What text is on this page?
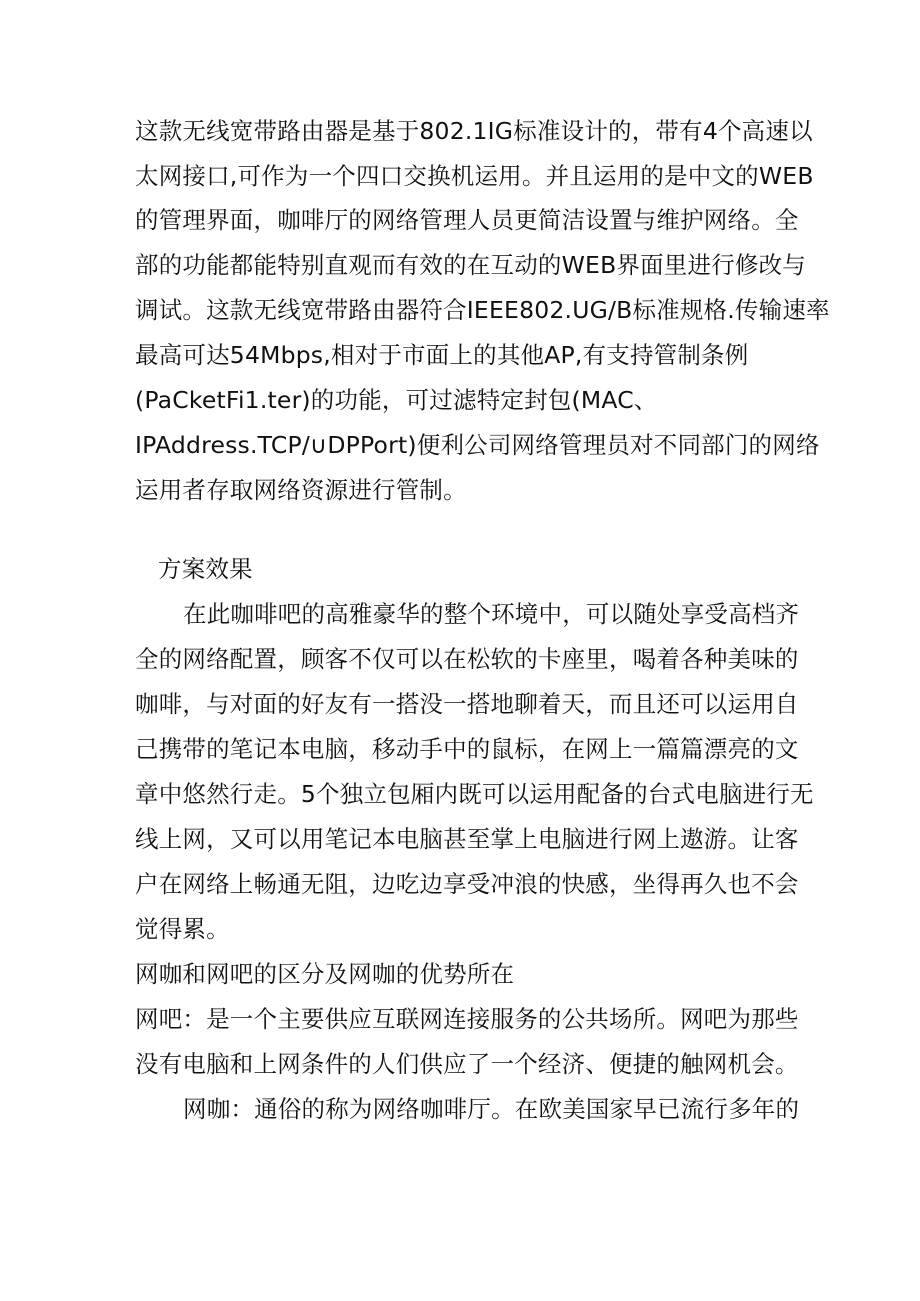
这款无线宽带路由器是基于802.1IG标准设计的，带有4个高速以
太网接口,可作为一个四口交换机运用。并且运用的是中文的WEB
的管理界面，咖啡厅的网络管理人员更简洁设置与维护网络。全
部的功能都能特别直观而有效的在互动的WEB界面里进行修改与
调试。这款无线宽带路由器符合IEEE802.UG/B标准规格.传输速率
最高可达54Mbps,相对于市面上的其他AP,有支持管制条例
(PaCketFi1.ter)的功能，可过滤特定封包(MAC、
IPAddress.TCP/∪DPPort)便利公司网络管理员对不同部门的网络
运用者存取网络资源进行管制。
方案效果
在此咖啡吧的高雅豪华的整个环境中，可以随处享受高档齐
全的网络配置，顾客不仅可以在松软的卡座里，喝着各种美味的
咖啡，与对面的好友有一搭没一搭地聊着天，而且还可以运用自
己携带的笔记本电脑，移动手中的鼠标，在网上一篇篇漂亮的文
章中悠然行走。5个独立包厢内既可以运用配备的台式电脑进行无
线上网，又可以用笔记本电脑甚至掌上电脑进行网上遨游。让客
户在网络上畅通无阻，边吃边享受冲浪的快感，坐得再久也不会
觉得累。
网咖和网吧的区分及网咖的优势所在
网吧：是一个主要供应互联网连接服务的公共场所。网吧为那些
没有电脑和上网条件的人们供应了一个经济、便捷的触网机会。
网咖：通俗的称为网络咖啡厅。在欧美国家早已流行多年的
